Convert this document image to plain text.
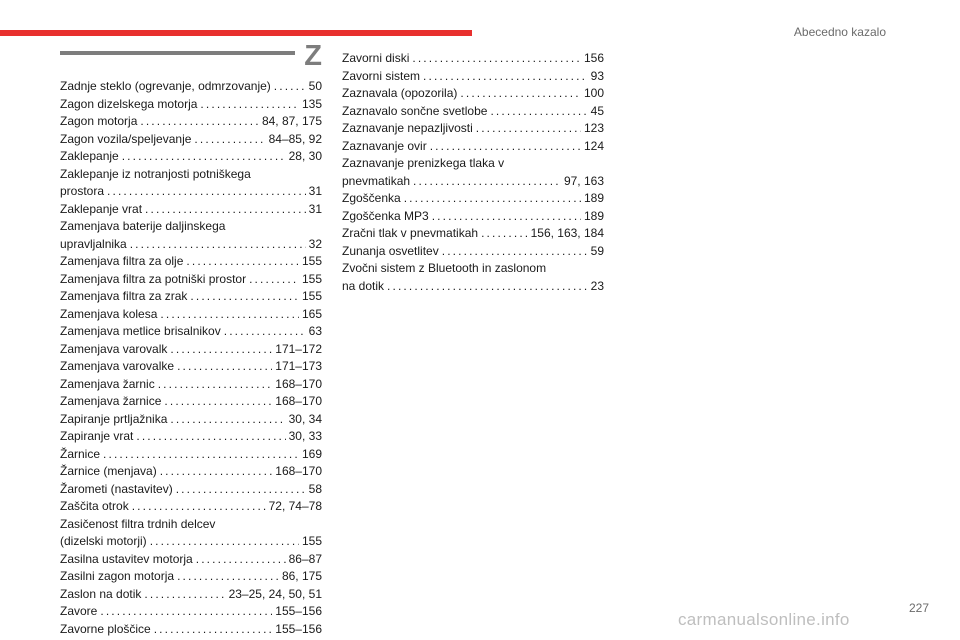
Abecedno kazalo
Z
Zadnje steklo (ogrevanje, odmrzovanje) . . .	50
Zagon dizelskega motorja . . .	135
Zagon motorja . . .	84, 87, 175
Zagon vozila/speljevanje . . .	84–85, 92
Zaklepanje . . .	28, 30
Zaklepanje iz notranjosti potniškega
prostora . . .	31
Zaklepanje vrat . . .	31
Zamenjava baterije daljinskega
upravljalnika . . .	32
Zamenjava filtra za olje . . .	155
Zamenjava filtra za potniški prostor . . .	155
Zamenjava filtra za zrak . . .	155
Zamenjava kolesa . . .	165
Zamenjava metlice brisalnikov . . .	63
Zamenjava varovalk . . .	171–172
Zamenjava varovalke . . .	171–173
Zamenjava žarnic . . .	168–170
Zamenjava žarnice . . .	168–170
Zapiranje prtljažnika . . .	30, 34
Zapiranje vrat . . .	30, 33
Žarnice . . .	169
Žarnice (menjava) . . .	168–170
Žarometi (nastavitev) . . .	58
Zaščita otrok . . .	72, 74–78
Zasičenost filtra trdnih delcev
(dizelski motorji) . . .	155
Zasilna ustavitev motorja . . .	86–87
Zasilni zagon motorja . . .	86, 175
Zaslon na dotik . . .	23–25, 24, 50, 51
Zavore . . .	155–156
Zavorne ploščice . . .	155–156
Zavorni diski . . .	156
Zavorni sistem . . .	93
Zaznavala (opozorila) . . .	100
Zaznavalo sončne svetlobe . . .	45
Zaznavanje nepazljivosti . . .	123
Zaznavanje ovir . . .	124
Zaznavanje prenizkega tlaka v
pnevmatikah . . .	97, 163
Zgoščenka . . .	189
Zgoščenka MP3 . . .	189
Zračni tlak v pnevmatikah . . .	156, 163, 184
Zunanja osvetlitev . . .	59
Zvočni sistem z Bluetooth in zaslonom
na dotik . . .	23
227
carmanualsonline.info
